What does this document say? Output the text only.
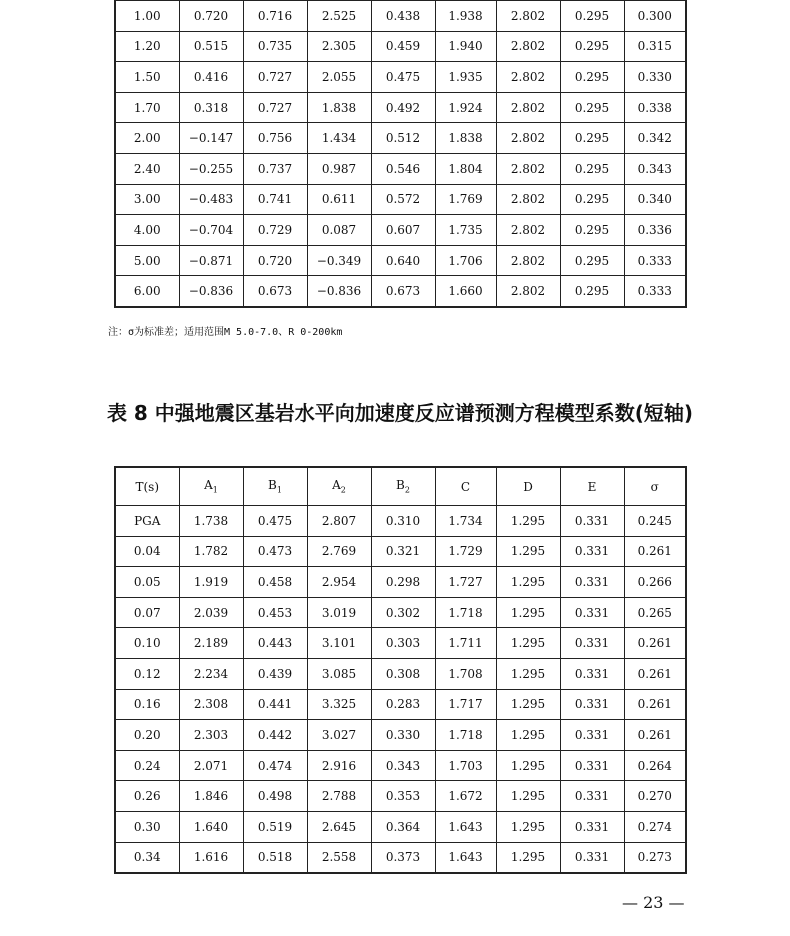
1.00	0.720	0.716	2.525	0.438	1.938	2.802	0.295	0.300
1.20	0.515	0.735	2.305	0.459	1.940	2.802	0.295	0.315
1.50	0.416	0.727	2.055	0.475	1.935	2.802	0.295	0.330
1.70	0.318	0.727	1.838	0.492	1.924	2.802	0.295	0.338
2.00	−0.147	0.756	1.434	0.512	1.838	2.802	0.295	0.342
2.40	−0.255	0.737	0.987	0.546	1.804	2.802	0.295	0.343
3.00	−0.483	0.741	0.611	0.572	1.769	2.802	0.295	0.340
4.00	−0.704	0.729	0.087	0.607	1.735	2.802	0.295	0.336
5.00	−0.871	0.720	−0.349	0.640	1.706	2.802	0.295	0.333
6.00	−0.836	0.673	−0.836	0.673	1.660	2.802	0.295	0.333
注：σ为标准差；适用范围M 5.0-7.0、R 0-200km
表 8 中强地震区基岩水平向加速度反应谱预测方程模型系数(短轴)
T(s)	$A_1$	$B_1$	$A_2$	$B_2$	C	D	E	σ
PGA	1.738	0.475	2.807	0.310	1.734	1.295	0.331	0.245
0.04	1.782	0.473	2.769	0.321	1.729	1.295	0.331	0.261
0.05	1.919	0.458	2.954	0.298	1.727	1.295	0.331	0.266
0.07	2.039	0.453	3.019	0.302	1.718	1.295	0.331	0.265
0.10	2.189	0.443	3.101	0.303	1.711	1.295	0.331	0.261
0.12	2.234	0.439	3.085	0.308	1.708	1.295	0.331	0.261
0.16	2.308	0.441	3.325	0.283	1.717	1.295	0.331	0.261
0.20	2.303	0.442	3.027	0.330	1.718	1.295	0.331	0.261
0.24	2.071	0.474	2.916	0.343	1.703	1.295	0.331	0.264
0.26	1.846	0.498	2.788	0.353	1.672	1.295	0.331	0.270
0.30	1.640	0.519	2.645	0.364	1.643	1.295	0.331	0.274
0.34	1.616	0.518	2.558	0.373	1.643	1.295	0.331	0.273
— 23 —
